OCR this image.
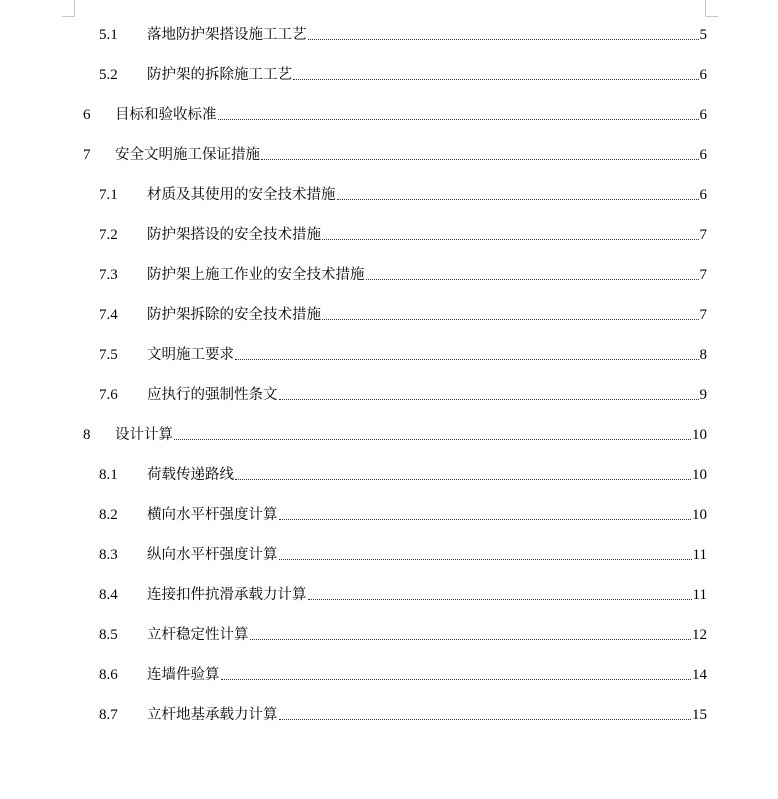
5.1 落地防护架搭设施工工艺	5
5.2 防护架的拆除施工工艺	6
6 目标和验收标准	6
7 安全文明施工保证措施	6
7.1 材质及其使用的安全技术措施	6
7.2 防护架搭设的安全技术措施	7
7.3 防护架上施工作业的安全技术措施	7
7.4 防护架拆除的安全技术措施	7
7.5 文明施工要求	8
7.6 应执行的强制性条文	9
8 设计计算	10
8.1 荷载传递路线	10
8.2 横向水平杆强度计算	10
8.3 纵向水平杆强度计算	11
8.4 连接扣件抗滑承载力计算	11
8.5 立杆稳定性计算	12
8.6 连墙件验算	14
8.7 立杆地基承载力计算	15
